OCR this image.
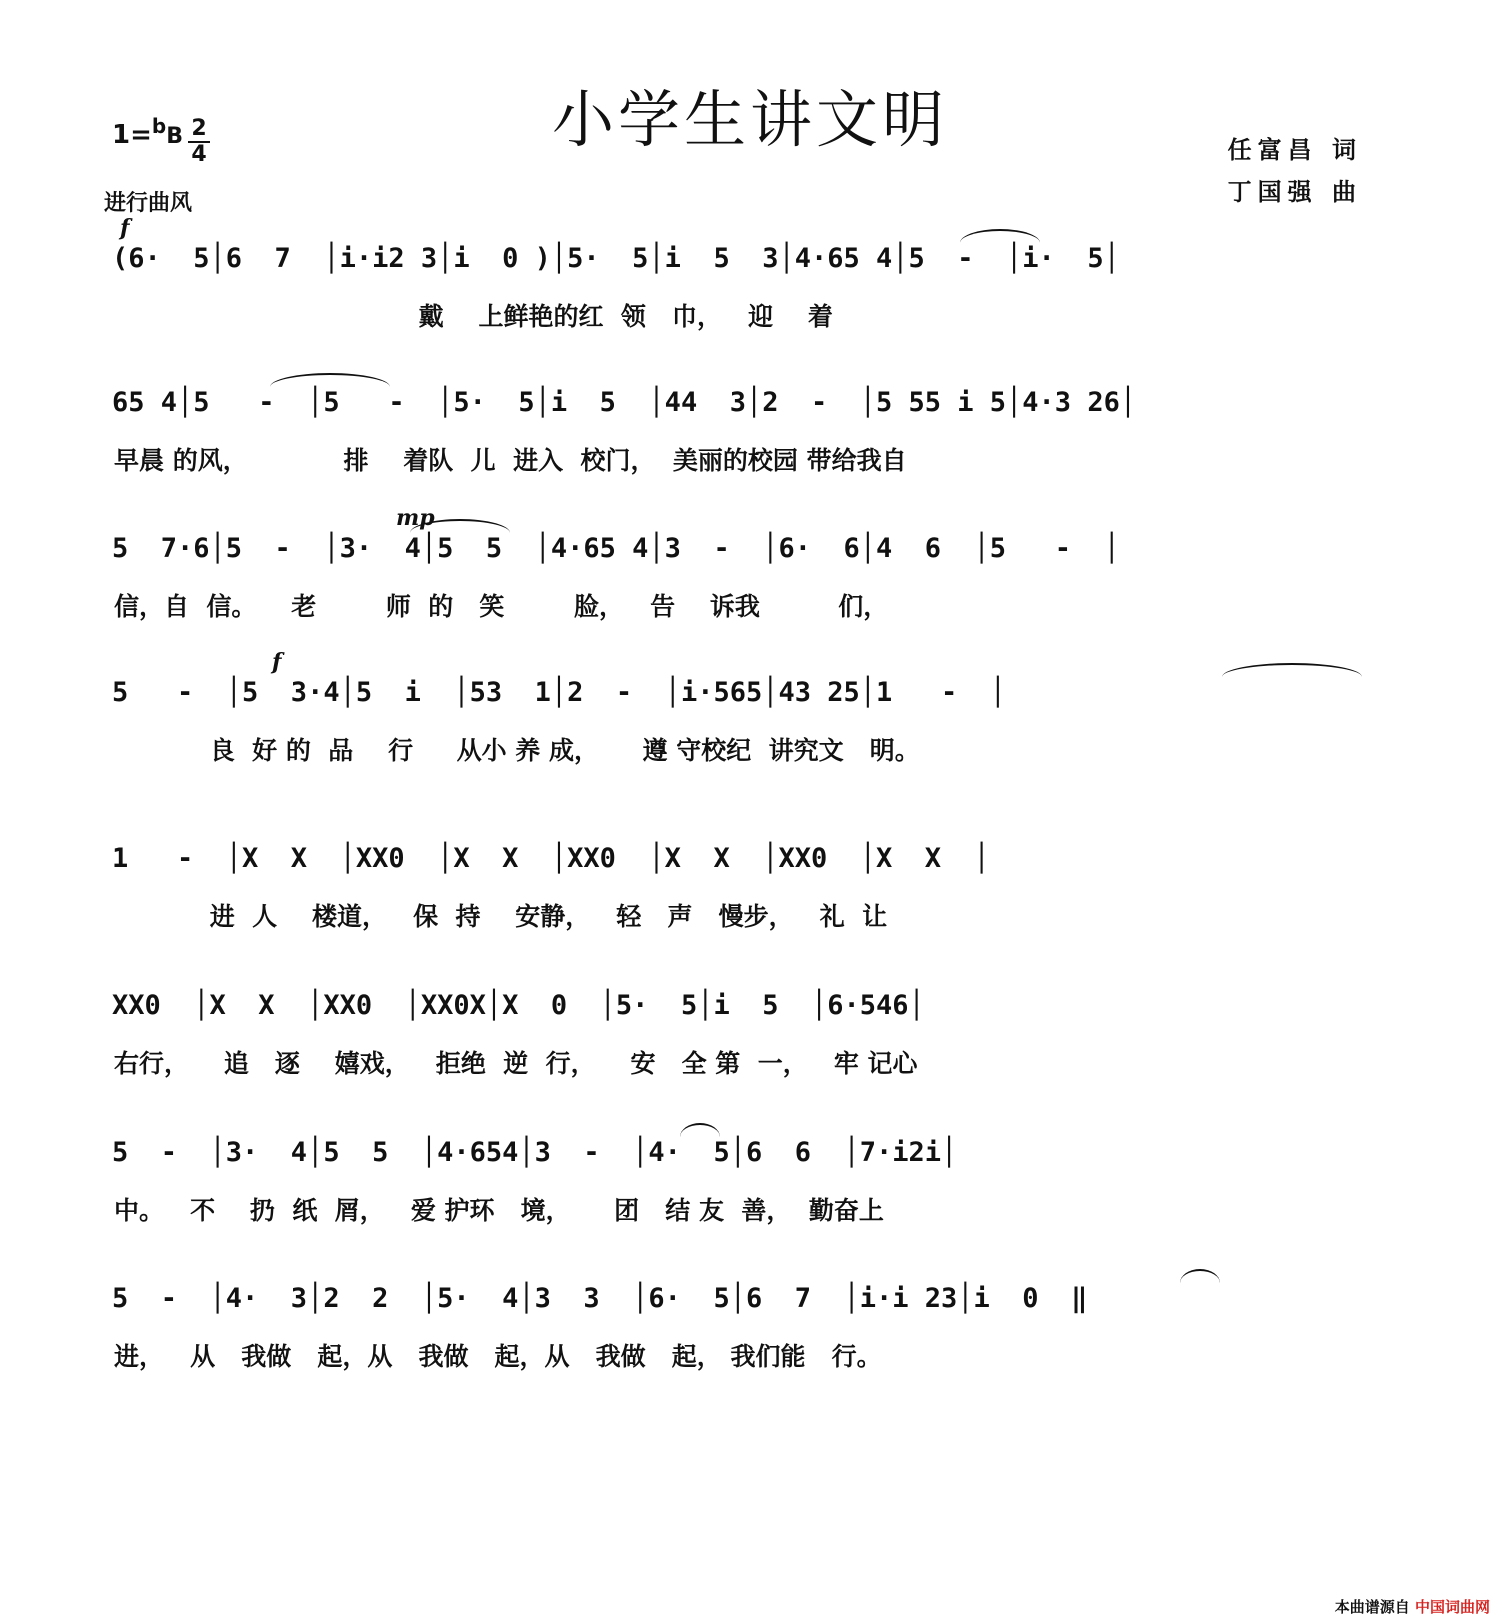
小学生讲文明
1=$^b$B 2
4
进行曲风
任富昌 词
丁国强 曲
f
(6·  5│6  7  │i·i2 3│i  0 )│5·  5│i  5  3│4·65 4│5  -  │i·  5│
戴    上鲜艳的红  领   巾，   迎    着
65 4│5   -  │5   -  │5·  5│i  5  │44  3│2  -  │5 55 i 5│4·3 26│
早晨 的风，           排    着队  儿  进入  校门，  美丽的校园 带给我自
mp
5  7·6│5  -  │3·  4│5  5  │4·65 4│3  -  │6·  6│4  6  │5   -  │
信，自  信。    老        师  的   笑        脸，   告    诉我         们，
f
5   -  │5  3·4│5  i  │53  1│2  -  │i·565│43 25│1   -  │
良  好 的  品    行     从小 养 成，     遵 守校纪  讲究文   明。
1   -  │X  X  │XX0  │X  X  │XX0  │X  X  │XX0  │X  X  │
进  人    楼道，   保  持    安静，   轻   声   慢步，   礼  让
XX0  │X  X  │XX0  │XX0X│X  0  │5·  5│i  5  │6·546│
右行，    追   逐    嬉戏，   拒绝  逆  行，    安   全 第  一，   牢 记心
5  -  │3·  4│5  5  │4·654│3  -  │4·  5│6  6  │7·i2i│
中。   不    扔  纸  屑，   爱 护环   境，     团   结 友  善，  勤奋上
5  -  │4·  3│2  2  │5·  4│3  3  │6·  5│6  7  │i·i 23│i  0  ‖
进，   从   我做   起，从   我做   起，从   我做   起， 我们能   行。
本曲谱源自 中国词曲网
